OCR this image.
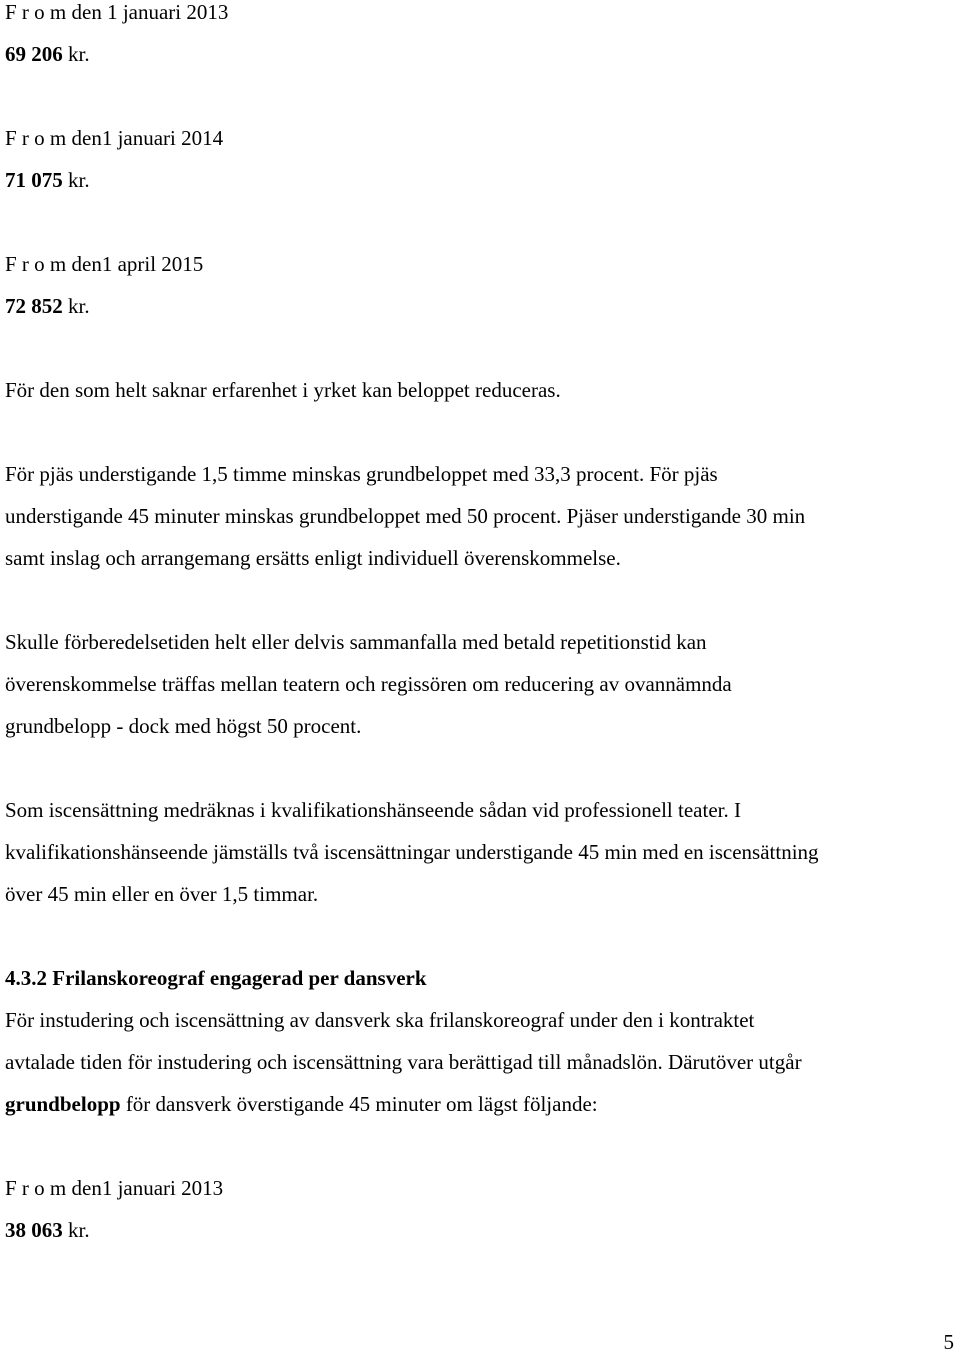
F r o m den 1 januari 2013
69 206 kr.
F r o m den1 januari 2014
71 075 kr.
F r o m den1 april 2015
72 852 kr.
För den som helt saknar erfarenhet i yrket kan beloppet reduceras.
För pjäs understigande 1,5 timme minskas grundbeloppet med 33,3 procent. För pjäs
understigande 45 minuter minskas grundbeloppet med 50 procent. Pjäser understigande 30 min
samt inslag och arrangemang ersätts enligt individuell överenskommelse.
Skulle förberedelsetiden helt eller delvis sammanfalla med betald repetitionstid kan
överenskommelse träffas mellan teatern och regissören om reducering av ovannämnda
grundbelopp - dock med högst 50 procent.
Som iscensättning medräknas i kvalifikationshänseende sådan vid professionell teater. I
kvalifikationshänseende jämställs två iscensättningar understigande 45 min med en iscensättning
över 45 min eller en över 1,5 timmar.
4.3.2 Frilanskoreograf engagerad per dansverk
För instudering och iscensättning av dansverk ska frilanskoreograf under den i kontraktet
avtalade tiden för instudering och iscensättning vara berättigad till månadslön. Därutöver utgår
grundbelopp för dansverk överstigande 45 minuter om lägst följande:
F r o m den1 januari 2013
38 063 kr.
5
